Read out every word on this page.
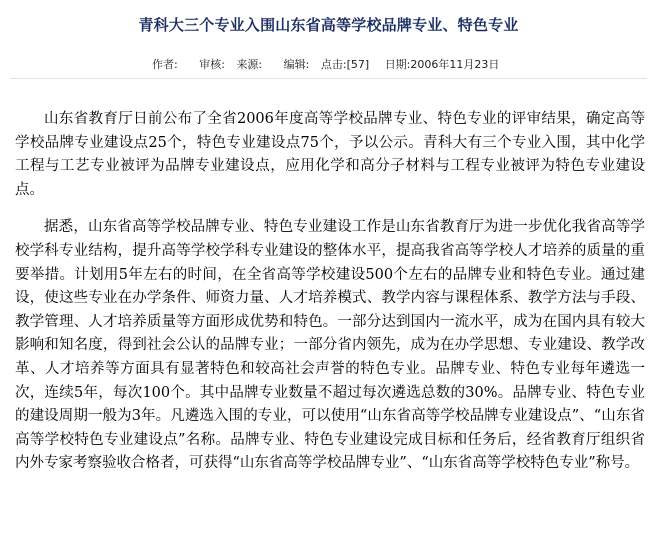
青科大三个专业入围山东省高等学校品牌专业、特色专业
作者: 审核: 来源: 编辑: 点击:[57] 日期:2006年11月23日

山东省教育厅日前公布了全省2006年度高等学校品牌专业、特色专业的评审结果，确定高等学校品牌专业建设点25个，特色专业建设点75个，予以公示。青科大有三个专业入围，其中化学工程与工艺专业被评为品牌专业建设点，应用化学和高分子材料与工程专业被评为特色专业建设点。

据悉，山东省高等学校品牌专业、特色专业建设工作是山东省教育厅为进一步优化我省高等学校学科专业结构，提升高等学校学科专业建设的整体水平，提高我省高等学校人才培养的质量的重要举措。计划用5年左右的时间，在全省高等学校建设500个左右的品牌专业和特色专业。通过建设，使这些专业在办学条件、师资力量、人才培养模式、教学内容与课程体系、教学方法与手段、教学管理、人才培养质量等方面形成优势和特色。一部分达到国内一流水平，成为在国内具有较大影响和知名度，得到社会公认的品牌专业；一部分省内领先，成为在办学思想、专业建设、教学改革、人才培养等方面具有显著特色和较高社会声誉的特色专业。品牌专业、特色专业每年遴选一次，连续5年，每次100个。其中品牌专业数量不超过每次遴选总数的30%。品牌专业、特色专业的建设周期一般为3年。凡遴选入围的专业，可以使用“山东省高等学校品牌专业建设点”、“山东省高等学校特色专业建设点”名称。品牌专业、特色专业建设完成目标和任务后，经省教育厅组织省内外专家考察验收合格者，可获得“山东省高等学校品牌专业”、“山东省高等学校特色专业”称号。
